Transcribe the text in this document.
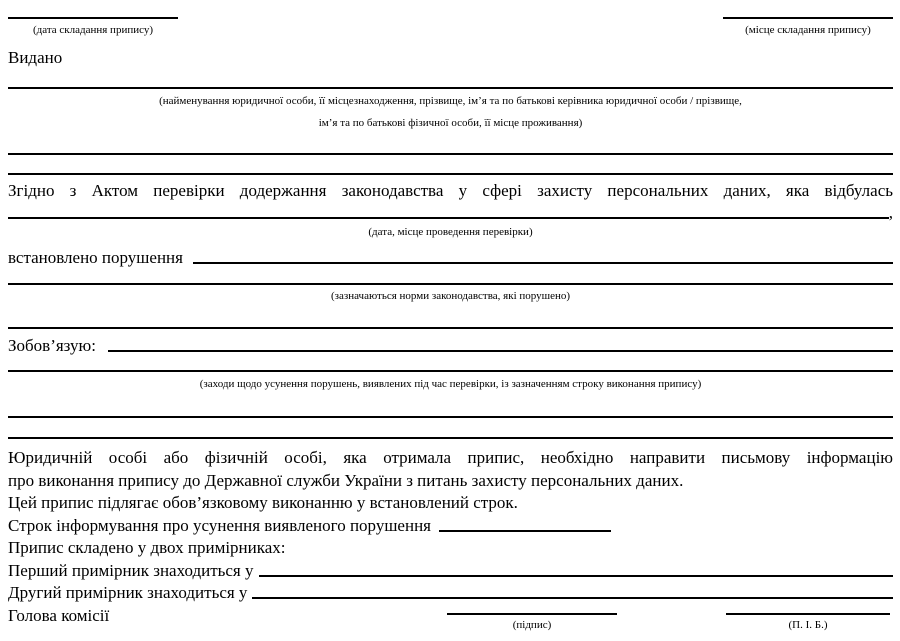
(дата складання припису)	(місце складання припису)
Видано
(найменування юридичної особи, її місцезнаходження, прізвище, ім’я та по батькові керівника юридичної особи / прізвище,
ім’я та по батькові фізичної особи, її місце проживання)
Згідно з Актом перевірки додержання законодавства у сфері захисту персональних даних, яка відбулась
,
(дата, місце проведення перевірки)
встановлено порушення
(зазначаються норми законодавства, які порушено)
Зобов’язую:
(заходи щодо усунення порушень, виявлених під час перевірки, із зазначенням строку виконання припису)
Юридичній особі або фізичній особі, яка отримала припис, необхідно направити письмову інформацію
про виконання припису до Державної служби України з питань захисту персональних даних.
Цей припис підлягає обов’язковому виконанню у встановлений строк.
Строк інформування про усунення виявленого порушення
Припис складено у двох примірниках:
Перший примірник знаходиться у
Другий примірник знаходиться у
Голова комісії	(підпис)	(П. І. Б.)
